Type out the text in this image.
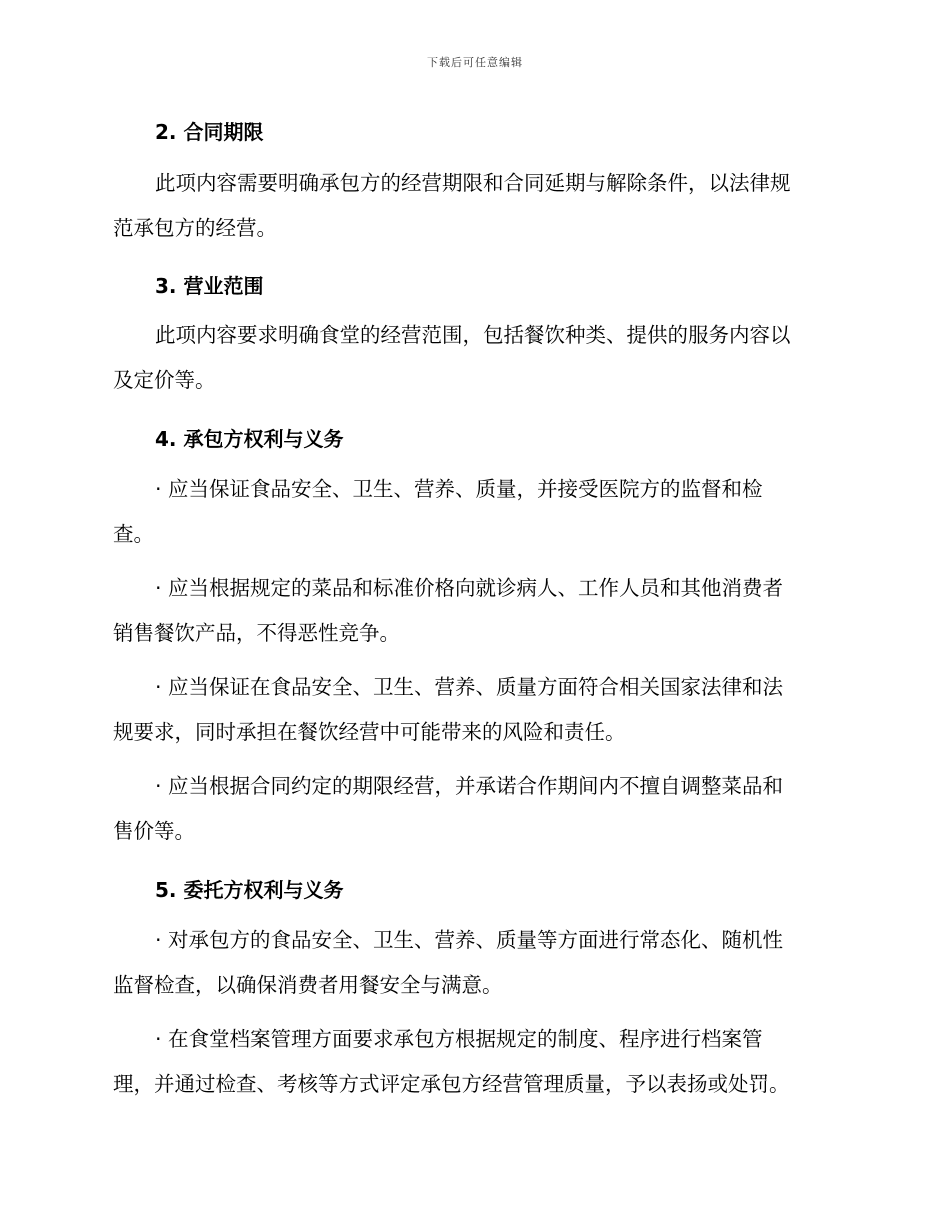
下载后可任意编辑
2. 合同期限
此项内容需要明确承包方的经营期限和合同延期与解除条件，以法律规
范承包方的经营。
3. 营业范围
此项内容要求明确食堂的经营范围，包括餐饮种类、提供的服务内容以
及定价等。
4. 承包方权利与义务
· 应当保证食品安全、卫生、营养、质量，并接受医院方的监督和检
查。
· 应当根据规定的菜品和标准价格向就诊病人、工作人员和其他消费者
销售餐饮产品，不得恶性竞争。
· 应当保证在食品安全、卫生、营养、质量方面符合相关国家法律和法
规要求，同时承担在餐饮经营中可能带来的风险和责任。
· 应当根据合同约定的期限经营，并承诺合作期间内不擅自调整菜品和
售价等。
5. 委托方权利与义务
· 对承包方的食品安全、卫生、营养、质量等方面进行常态化、随机性
监督检查，以确保消费者用餐安全与满意。
· 在食堂档案管理方面要求承包方根据规定的制度、程序进行档案管
理，并通过检查、考核等方式评定承包方经营管理质量，予以表扬或处罚。
